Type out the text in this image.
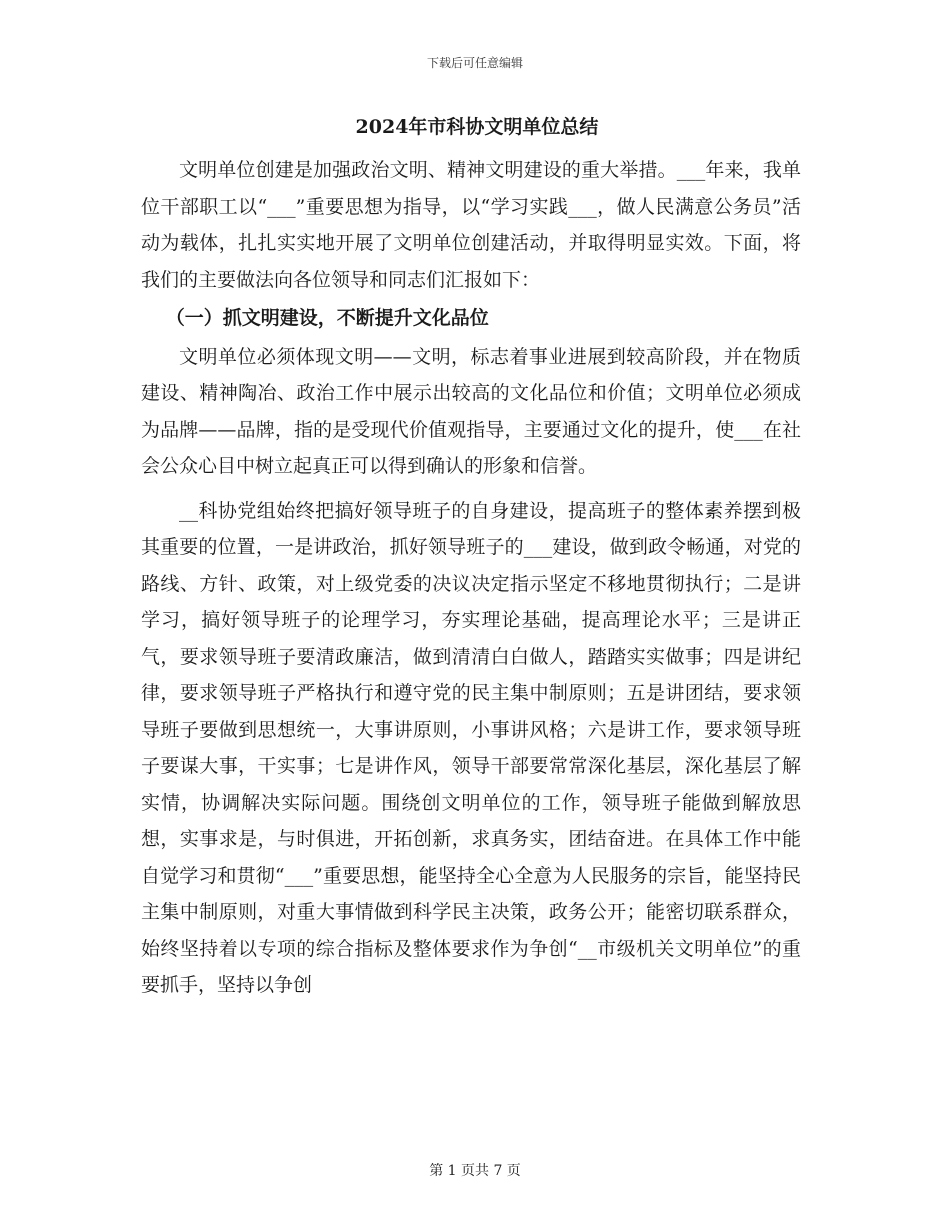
下载后可任意编辑
2024年市科协文明单位总结

文明单位创建是加强政治文明、精神文明建设的重大举措。___年来，我单位干部职工以“___”重要思想为指导，以“学习实践___，做人民满意公务员”活动为载体，扎扎实实地开展了文明单位创建活动，并取得明显实效。下面，将我们的主要做法向各位领导和同志们汇报如下：

（一）抓文明建设，不断提升文化品位

文明单位必须体现文明——文明，标志着事业进展到较高阶段，并在物质建设、精神陶冶、政治工作中展示出较高的文化品位和价值；文明单位必须成为品牌——品牌，指的是受现代价值观指导，主要通过文化的提升，使___在社会公众心目中树立起真正可以得到确认的形象和信誉。

__科协党组始终把搞好领导班子的自身建设，提高班子的整体素养摆到极其重要的位置，一是讲政治，抓好领导班子的___建设，做到政令畅通，对党的路线、方针、政策，对上级党委的决议决定指示坚定不移地贯彻执行；二是讲学习，搞好领导班子的论理学习，夯实理论基础，提高理论水平；三是讲正气，要求领导班子要清政廉洁，做到清清白白做人，踏踏实实做事；四是讲纪律，要求领导班子严格执行和遵守党的民主集中制原则；五是讲团结，要求领导班子要做到思想统一，大事讲原则，小事讲风格；六是讲工作，要求领导班子要谋大事，干实事；七是讲作风，领导干部要常常深化基层，深化基层了解实情，协调解决实际问题。围绕创文明单位的工作，领导班子能做到解放思想，实事求是，与时俱进，开拓创新，求真务实，团结奋进。在具体工作中能自觉学习和贯彻“___”重要思想，能坚持全心全意为人民服务的宗旨，能坚持民主集中制原则，对重大事情做到科学民主决策，政务公开；能密切联系群众，始终坚持着以专项的综合指标及整体要求作为争创“__市级机关文明单位”的重要抓手，坚持以争创

第 1 页共 7 页
